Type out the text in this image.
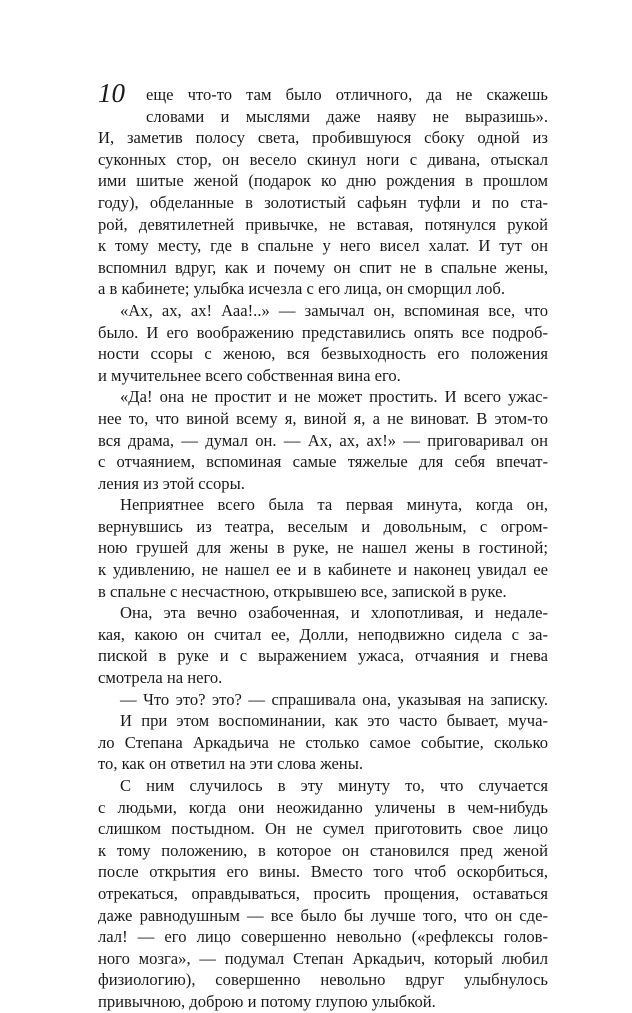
10	еще что-то там было отличного, да не скажешь
словами и мыслями даже наяву не выразишь».
И, заметив полосу света, пробившуюся сбоку одной из
суконных стор, он весело скинул ноги с дивана, отыскал
ими шитые женой (подарок ко дню рождения в прошлом
году), обделанные в золотистый сафьян туфли и по ста-
рой, девятилетней привычке, не вставая, потянулся рукой
к тому месту, где в спальне у него висел халат. И тут он
вспомнил вдруг, как и почему он спит не в спальне жены,
а в кабинете; улыбка исчезла с его лица, он сморщил лоб.
«Ах, ах, ах! Ааа!..» — замычал он, вспоминая все, что
было. И его воображению представились опять все подроб-
ности ссоры с женою, вся безвыходность его положения
и мучительнее всего собственная вина его.
«Да! она не простит и не может простить. И всего ужас-
нее то, что виной всему я, виной я, а не виноват. В этом-то
вся драма, — думал он. — Ах, ах, ах!» — приговаривал он
с отчаянием, вспоминая самые тяжелые для себя впечат-
ления из этой ссоры.
Неприятнее всего была та первая минута, когда он,
вернувшись из театра, веселым и довольным, с огром-
ною грушей для жены в руке, не нашел жены в гостиной;
к удивлению, не нашел ее и в кабинете и наконец увидал ее
в спальне с несчастною, открывшею все, запиской в руке.
Она, эта вечно озабоченная, и хлопотливая, и недале-
кая, какою он считал ее, Долли, неподвижно сидела с за-
пиской в руке и с выражением ужаса, отчаяния и гнева
смотрела на него.
— Что это? это? — спрашивала она, указывая на записку.
И при этом воспоминании, как это часто бывает, муча-
ло Степана Аркадьича не столько самое событие, сколько
то, как он ответил на эти слова жены.
С ним случилось в эту минуту то, что случается
с людьми, когда они неожиданно уличены в чем-нибудь
слишком постыдном. Он не сумел приготовить свое лицо
к тому положению, в которое он становился пред женой
после открытия его вины. Вместо того чтоб оскорбиться,
отрекаться, оправдываться, просить прощения, оставаться
даже равнодушным — все было бы лучше того, что он сде-
лал! — его лицо совершенно невольно («рефлексы голов-
ного мозга», — подумал Степан Аркадьич, который любил
физиологию), совершенно невольно вдруг улыбнулось
привычною, доброю и потому глупою улыбкой.
